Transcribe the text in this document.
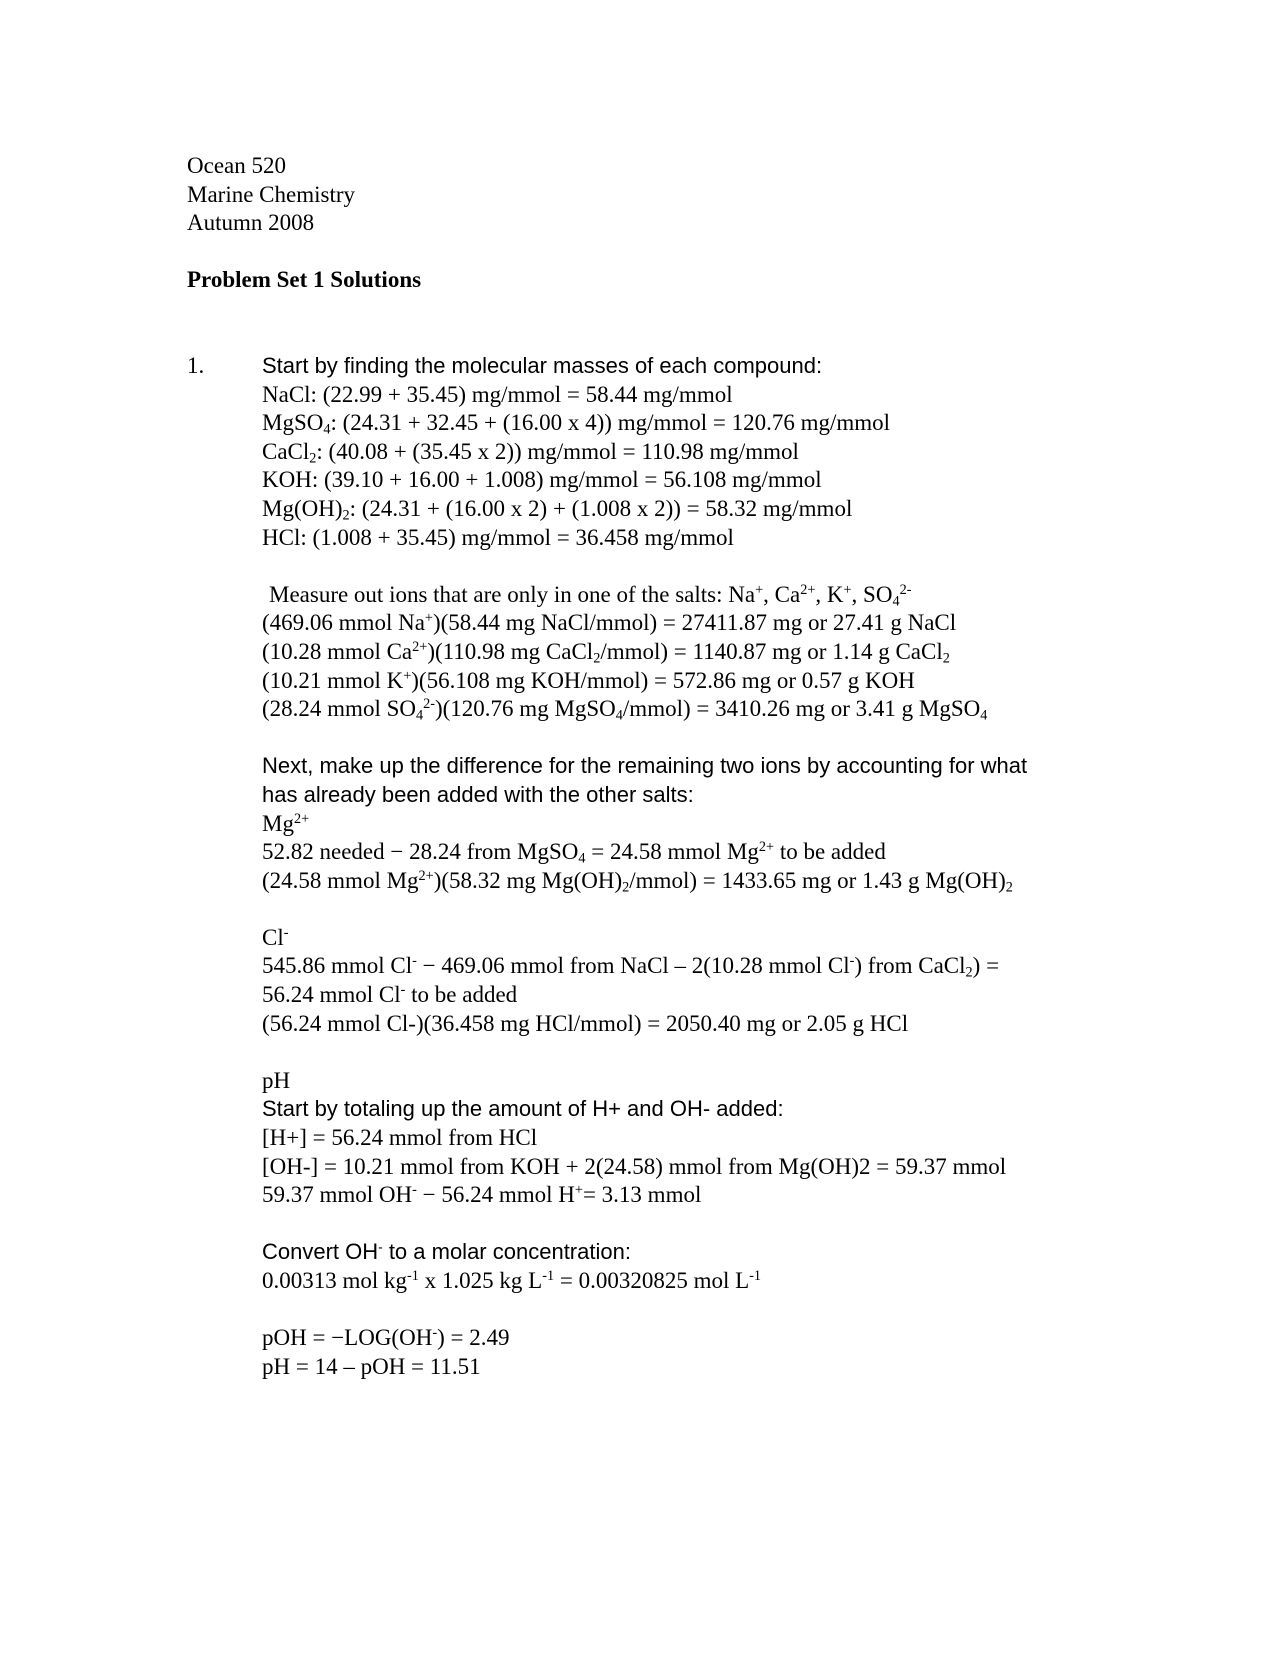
Ocean 520
Marine Chemistry
Autumn 2008
Problem Set 1 Solutions
1.	Start by finding the molecular masses of each compound:
NaCl: (22.99 + 35.45) mg/mmol = 58.44 mg/mmol
MgSO$_4$: (24.31 + 32.45 + (16.00 x 4)) mg/mmol = 120.76 mg/mmol
CaCl$_2$: (40.08 + (35.45 x 2)) mg/mmol = 110.98 mg/mmol
KOH: (39.10 + 16.00 + 1.008) mg/mmol = 56.108 mg/mmol
$Mg(OH)_2$: (24.31 + (16.00 x 2) + (1.008 x 2)) = 58.32 mg/mmol
HCl: (1.008 + 35.45) mg/mmol = 36.458 mg/mmol
Measure out ions that are only in one of the salts: Na+, $Ca^{2+}$, K+, $SO_4^{2-}$
(469.06 mmol Na+)(58.44 mg NaCl/mmol) = 27411.87 mg or 27.41 g NaCl
(10.28 mmol $Ca^{2+})(110.98$ mg CaCl$_2$/mmol) = 1140.87 mg or 1.14 g CaCl$_2$
(10.21 mmol K+)(56.108 mg KOH/mmol) = 572.86 mg or 0.57 g KOH
(28.24 mmol $SO_4^{2-})(120.76$ mg MgSO$_4$/mmol) = 3410.26 mg or 3.41 g MgSO$_4$
Next, make up the difference for the remaining two ions by accounting for what
has already been added with the other salts:
$Mg^{2+}$
52.82 needed − 28.24 from MgSO$_4$ = 24.58 mmol $Mg^{2+}$ to be added
(24.58 mmol $Mg^{2+})(58.32$ mg $Mg(OH)_2/mmol) = 1433.65$ mg or 1.43 g $Mg(OH)_2$
Cl-
545.86 mmol Cl- − 469.06 mmol from NaCl – 2(10.28 mmol Cl-) from CaCl$_2$) =
56.24 mmol Cl- to be added
(56.24 mmol Cl-)(36.458 mg HCl/mmol) = 2050.40 mg or 2.05 g HCl
pH
Start by totaling up the amount of H+ and OH- added:
[H+] = 56.24 mmol from HCl
[OH-] = 10.21 mmol from KOH + 2(24.58) mmol from Mg(OH)2 = 59.37 mmol
59.37 mmol OH- − 56.24 mmol H+= 3.13 mmol
Convert OH- to a molar concentration:
0.00313 mol $kg^{-1}$ x 1.025 kg $L^{-1} = 0.00320825$ mol $L^{-1}$
pOH = −LOG(OH-) = 2.49
pH = 14 – pOH = 11.51
